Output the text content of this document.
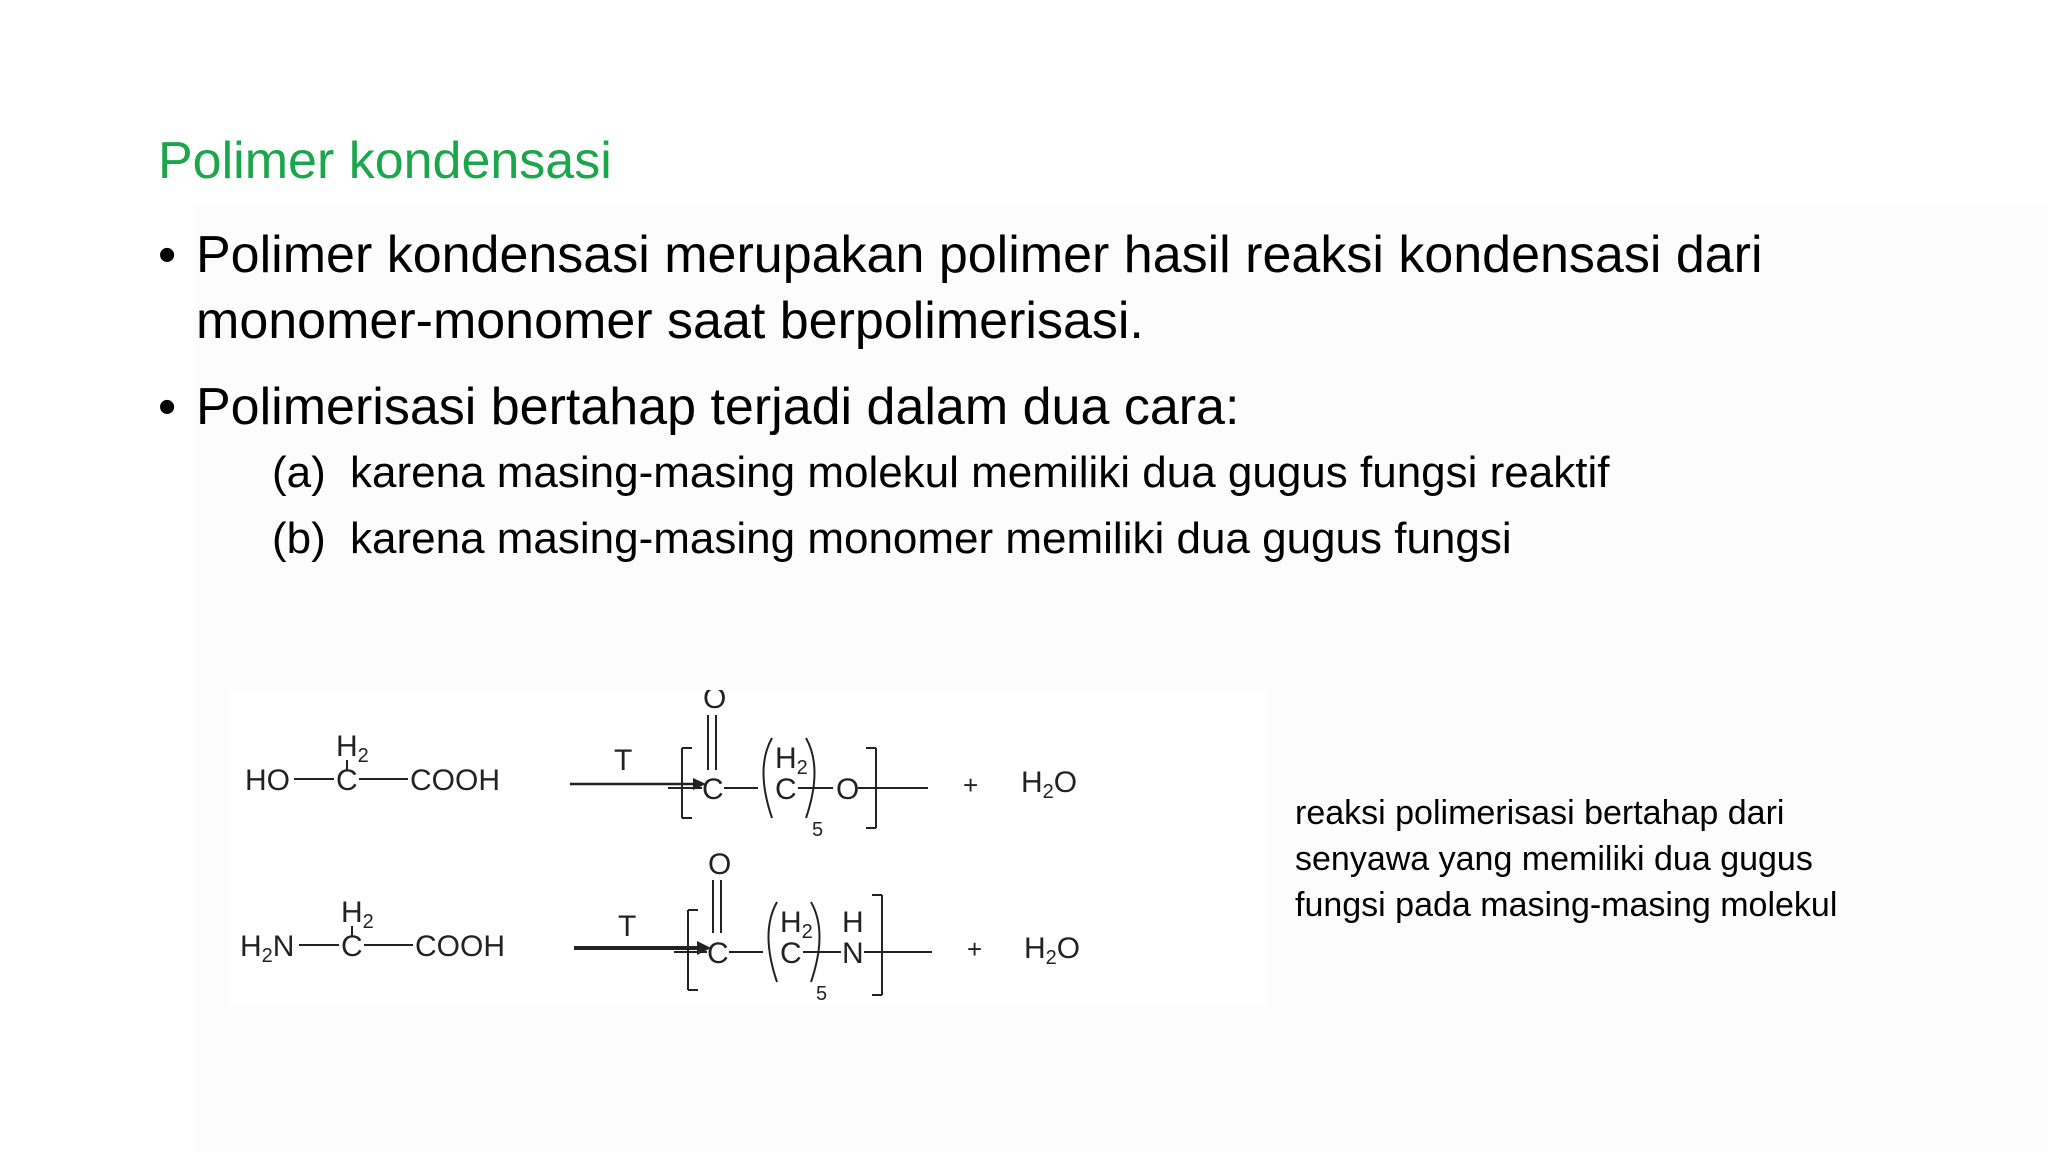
Polimer kondensasi
• Polimer kondensasi merupakan polimer hasil reaksi kondensasi dari
monomer-monomer saat berpolimerisasi.
• Polimerisasi bertahap terjadi dalam dua cara:
(a) karena masing-masing molekul memiliki dua gugus fungsi reaktif
(b) karena masing-masing monomer memiliki dua gugus fungsi
$H_2$
HO C COOH
T
O
C
$H_2$
C
5
O	+ $H_2O$
$H_2$
$H_2N$ C COOH
T
O
C
$H_2$
C
5
H
N	+ $H_2O$
reaksi polimerisasi bertahap dari
senyawa yang memiliki dua gugus
fungsi pada masing-masing molekul
